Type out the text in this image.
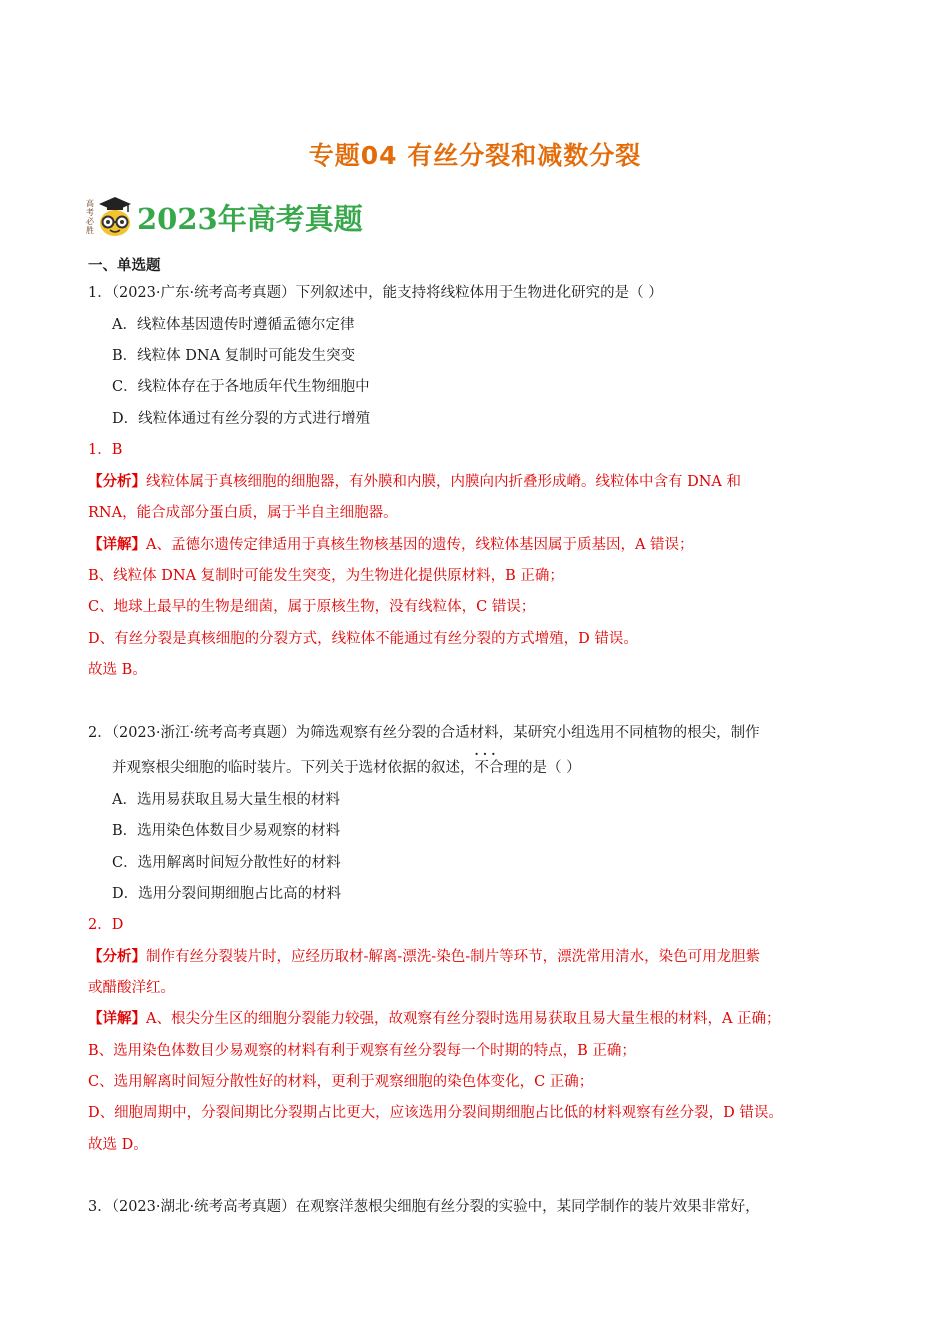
专题04 有丝分裂和减数分裂
高考必胜 2023年高考真题
一、单选题
1．（2023·广东·统考高考真题）下列叙述中，能支持将线粒体用于生物进化研究的是（ ）
A．线粒体基因遗传时遵循孟德尔定律
B．线粒体 DNA 复制时可能发生突变
C．线粒体存在于各地质年代生物细胞中
D．线粒体通过有丝分裂的方式进行增殖
1．B
【分析】线粒体属于真核细胞的细胞器，有外膜和内膜，内膜向内折叠形成嵴。线粒体中含有 DNA 和
RNA，能合成部分蛋白质，属于半自主细胞器。
【详解】A、孟德尔遗传定律适用于真核生物核基因的遗传，线粒体基因属于质基因，A 错误；
B、线粒体 DNA 复制时可能发生突变，为生物进化提供原材料，B 正确；
C、地球上最早的生物是细菌，属于原核生物，没有线粒体，C 错误；
D、有丝分裂是真核细胞的分裂方式，线粒体不能通过有丝分裂的方式增殖，D 错误。
故选 B。
2．（2023·浙江·统考高考真题）为筛选观察有丝分裂的合适材料，某研究小组选用不同植物的根尖，制作
并观察根尖细胞的临时装片。下列关于选材依据的叙述，· · · 不合理的是（ ）
A．选用易获取且易大量生根的材料
B．选用染色体数目少易观察的材料
C．选用解离时间短分散性好的材料
D．选用分裂间期细胞占比高的材料
2．D
【分析】制作有丝分裂装片时，应经历取材-解离-漂洗-染色-制片等环节，漂洗常用清水，染色可用龙胆紫
或醋酸洋红。
【详解】A、根尖分生区的细胞分裂能力较强，故观察有丝分裂时选用易获取且易大量生根的材料，A 正确；
B、选用染色体数目少易观察的材料有利于观察有丝分裂每一个时期的特点，B 正确；
C、选用解离时间短分散性好的材料，更利于观察细胞的染色体变化，C 正确；
D、细胞周期中，分裂间期比分裂期占比更大，应该选用分裂间期细胞占比低的材料观察有丝分裂，D 错误。
故选 D。
3．（2023·湖北·统考高考真题）在观察洋葱根尖细胞有丝分裂的实验中，某同学制作的装片效果非常好，
